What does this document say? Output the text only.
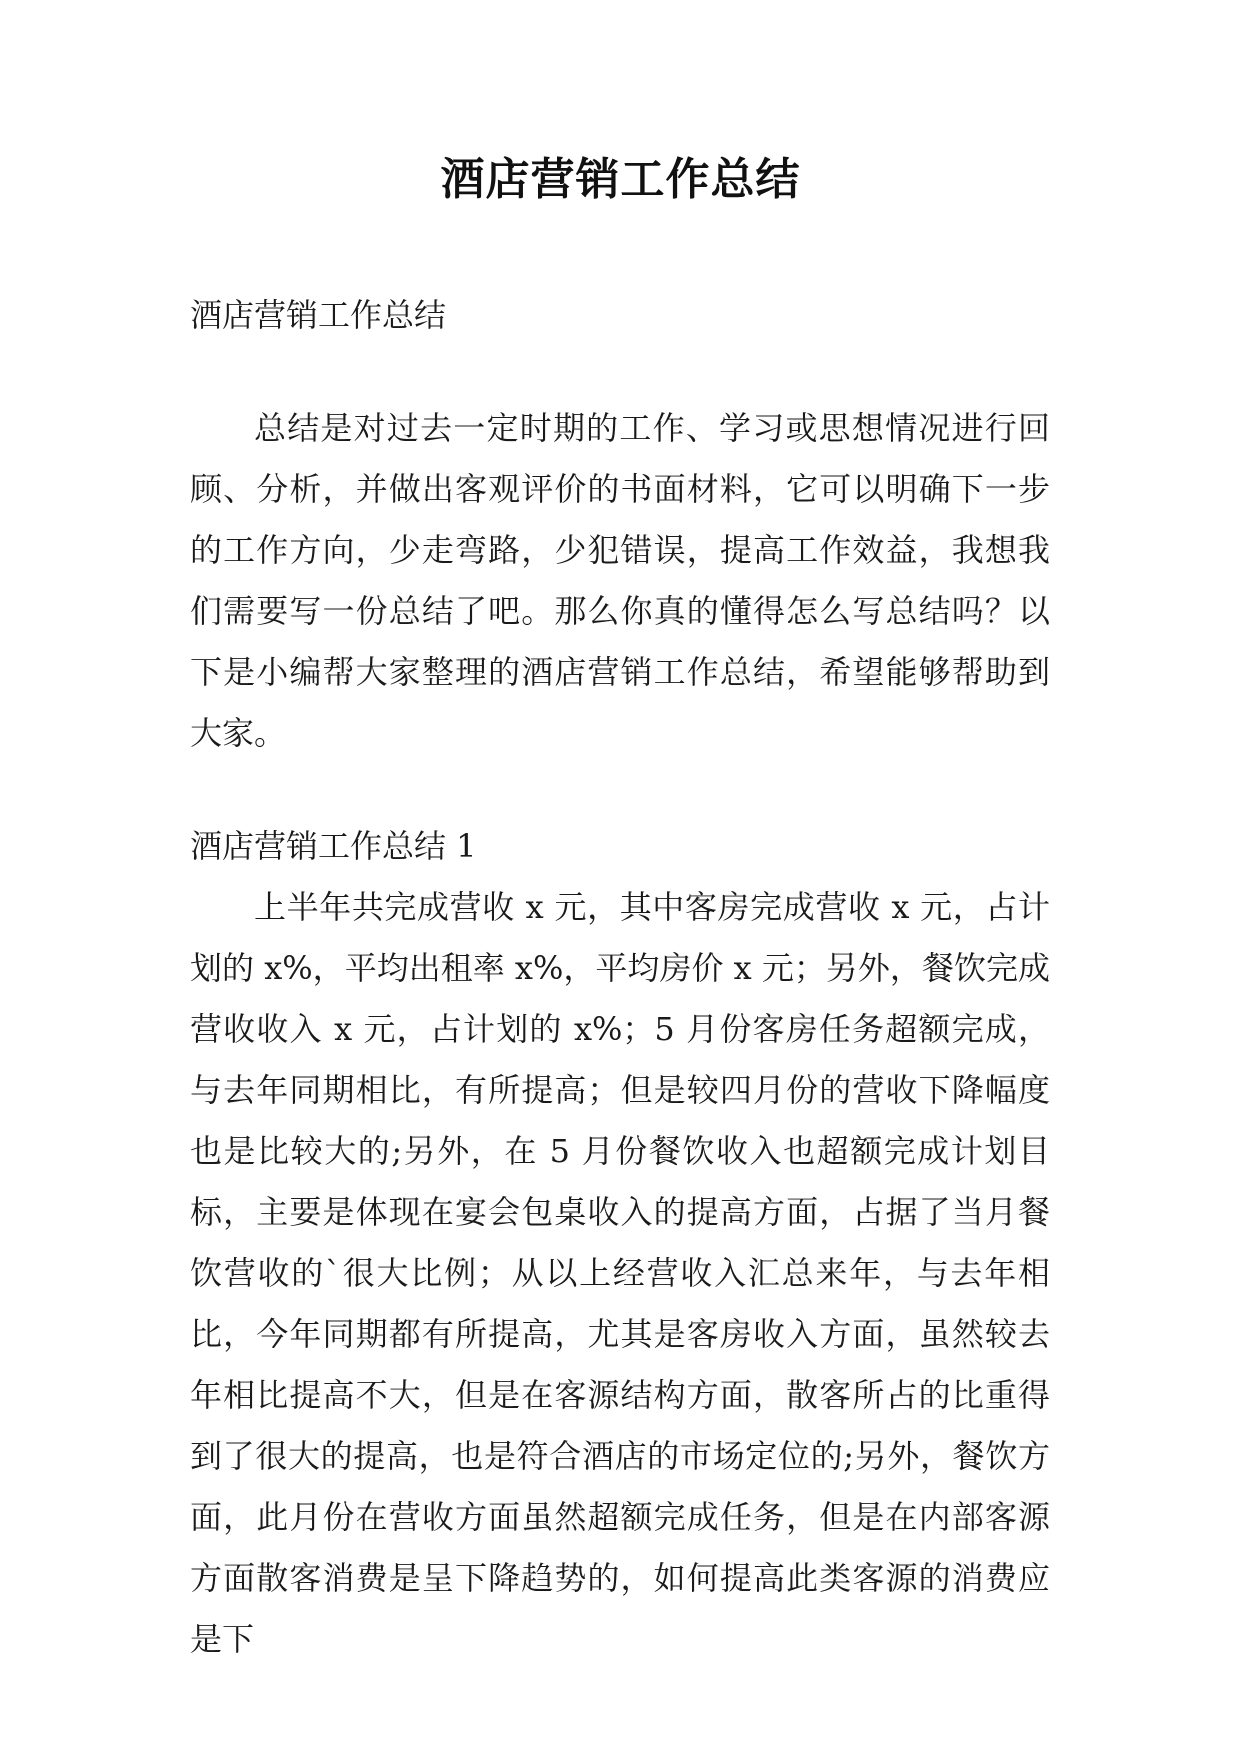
酒店营销工作总结

酒店营销工作总结

总结是对过去一定时期的工作、学习或思想情况进行回顾、分析，并做出客观评价的书面材料，它可以明确下一步的工作方向，少走弯路，少犯错误，提高工作效益，我想我们需要写一份总结了吧。那么你真的懂得怎么写总结吗？以下是小编帮大家整理的酒店营销工作总结，希望能够帮助到大家。

酒店营销工作总结 1

上半年共完成营收 x 元，其中客房完成营收 x 元，占计划的 x%，平均出租率 x%，平均房价 x 元；另外，餐饮完成营收收入 x 元，占计划的 x%；5 月份客房任务超额完成，与去年同期相比，有所提高；但是较四月份的营收下降幅度也是比较大的;另外，在 5 月份餐饮收入也超额完成计划目标，主要是体现在宴会包桌收入的提高方面，占据了当月餐饮营收的`很大比例；从以上经营收入汇总来年，与去年相比，今年同期都有所提高，尤其是客房收入方面，虽然较去年相比提高不大，但是在客源结构方面，散客所占的比重得到了很大的提高，也是符合酒店的市场定位的;另外，餐饮方面，此月份在营收方面虽然超额完成任务，但是在内部客源方面散客消费是呈下降趋势的，如何提高此类客源的消费应是下
